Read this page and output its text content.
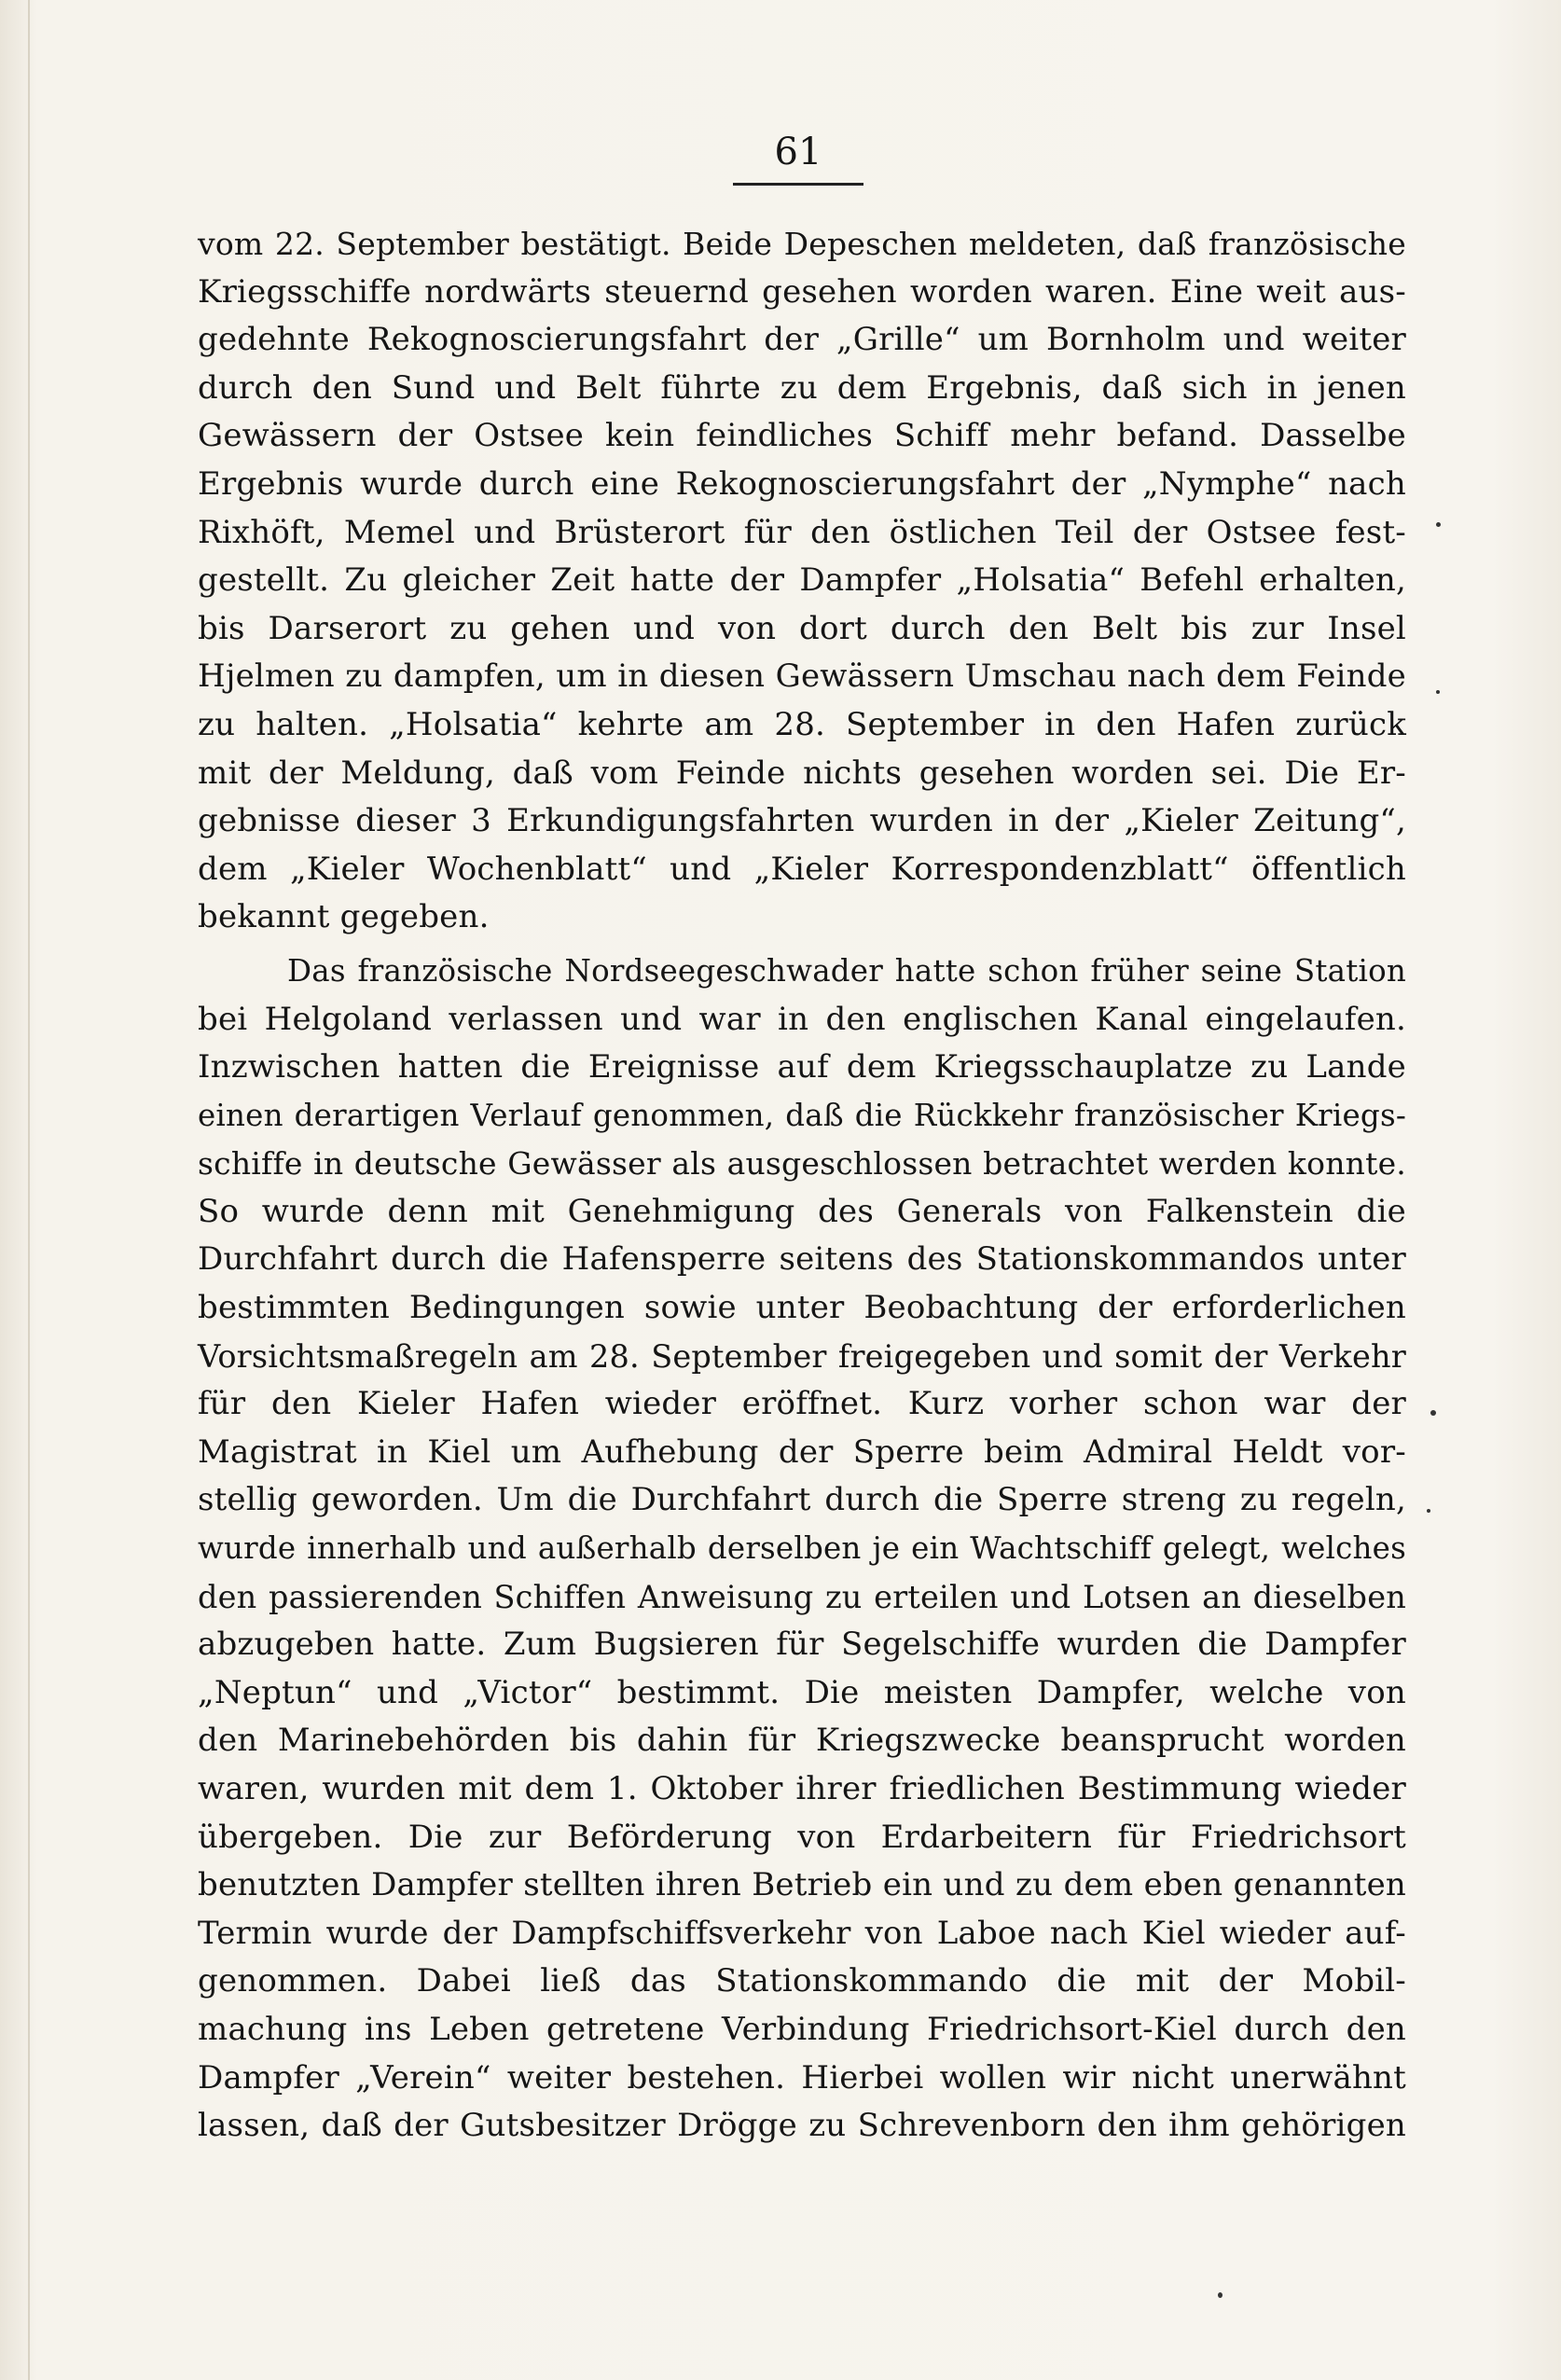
61
vom 22. September bestätigt. Beide Depeschen meldeten, daß französische
Kriegsschiffe nordwärts steuernd gesehen worden waren. Eine weit aus-
gedehnte Rekognoscierungsfahrt der „Grille“ um Bornholm und weiter
durch den Sund und Belt führte zu dem Ergebnis, daß sich in jenen
Gewässern der Ostsee kein feindliches Schiff mehr befand. Dasselbe
Ergebnis wurde durch eine Rekognoscierungsfahrt der „Nymphe“ nach
Rixhöft, Memel und Brüsterort für den östlichen Teil der Ostsee fest-
gestellt. Zu gleicher Zeit hatte der Dampfer „Holsatia“ Befehl erhalten,
bis Darserort zu gehen und von dort durch den Belt bis zur Insel
Hjelmen zu dampfen, um in diesen Gewässern Umschau nach dem Feinde
zu halten. „Holsatia“ kehrte am 28. September in den Hafen zurück
mit der Meldung, daß vom Feinde nichts gesehen worden sei. Die Er-
gebnisse dieser 3 Erkundigungsfahrten wurden in der „Kieler Zeitung“,
dem „Kieler Wochenblatt“ und „Kieler Korrespondenzblatt“ öffentlich
bekannt gegeben.
Das französische Nordseegeschwader hatte schon früher seine Station
bei Helgoland verlassen und war in den englischen Kanal eingelaufen.
Inzwischen hatten die Ereignisse auf dem Kriegsschauplatze zu Lande
einen derartigen Verlauf genommen, daß die Rückkehr französischer Kriegs-
schiffe in deutsche Gewässer als ausgeschlossen betrachtet werden konnte.
So wurde denn mit Genehmigung des Generals von Falkenstein die
Durchfahrt durch die Hafensperre seitens des Stationskommandos unter
bestimmten Bedingungen sowie unter Beobachtung der erforderlichen
Vorsichtsmaßregeln am 28. September freigegeben und somit der Verkehr
für den Kieler Hafen wieder eröffnet. Kurz vorher schon war der
Magistrat in Kiel um Aufhebung der Sperre beim Admiral Heldt vor-
stellig geworden. Um die Durchfahrt durch die Sperre streng zu regeln,
wurde innerhalb und außerhalb derselben je ein Wachtschiff gelegt, welches
den passierenden Schiffen Anweisung zu erteilen und Lotsen an dieselben
abzugeben hatte. Zum Bugsieren für Segelschiffe wurden die Dampfer
„Neptun“ und „Victor“ bestimmt. Die meisten Dampfer, welche von
den Marinebehörden bis dahin für Kriegszwecke beansprucht worden
waren, wurden mit dem 1. Oktober ihrer friedlichen Bestimmung wieder
übergeben. Die zur Beförderung von Erdarbeitern für Friedrichsort
benutzten Dampfer stellten ihren Betrieb ein und zu dem eben genannten
Termin wurde der Dampfschiffsverkehr von Laboe nach Kiel wieder auf-
genommen. Dabei ließ das Stationskommando die mit der Mobil-
machung ins Leben getretene Verbindung Friedrichsort-Kiel durch den
Dampfer „Verein“ weiter bestehen. Hierbei wollen wir nicht unerwähnt
lassen, daß der Gutsbesitzer Drögge zu Schrevenborn den ihm gehörigen
